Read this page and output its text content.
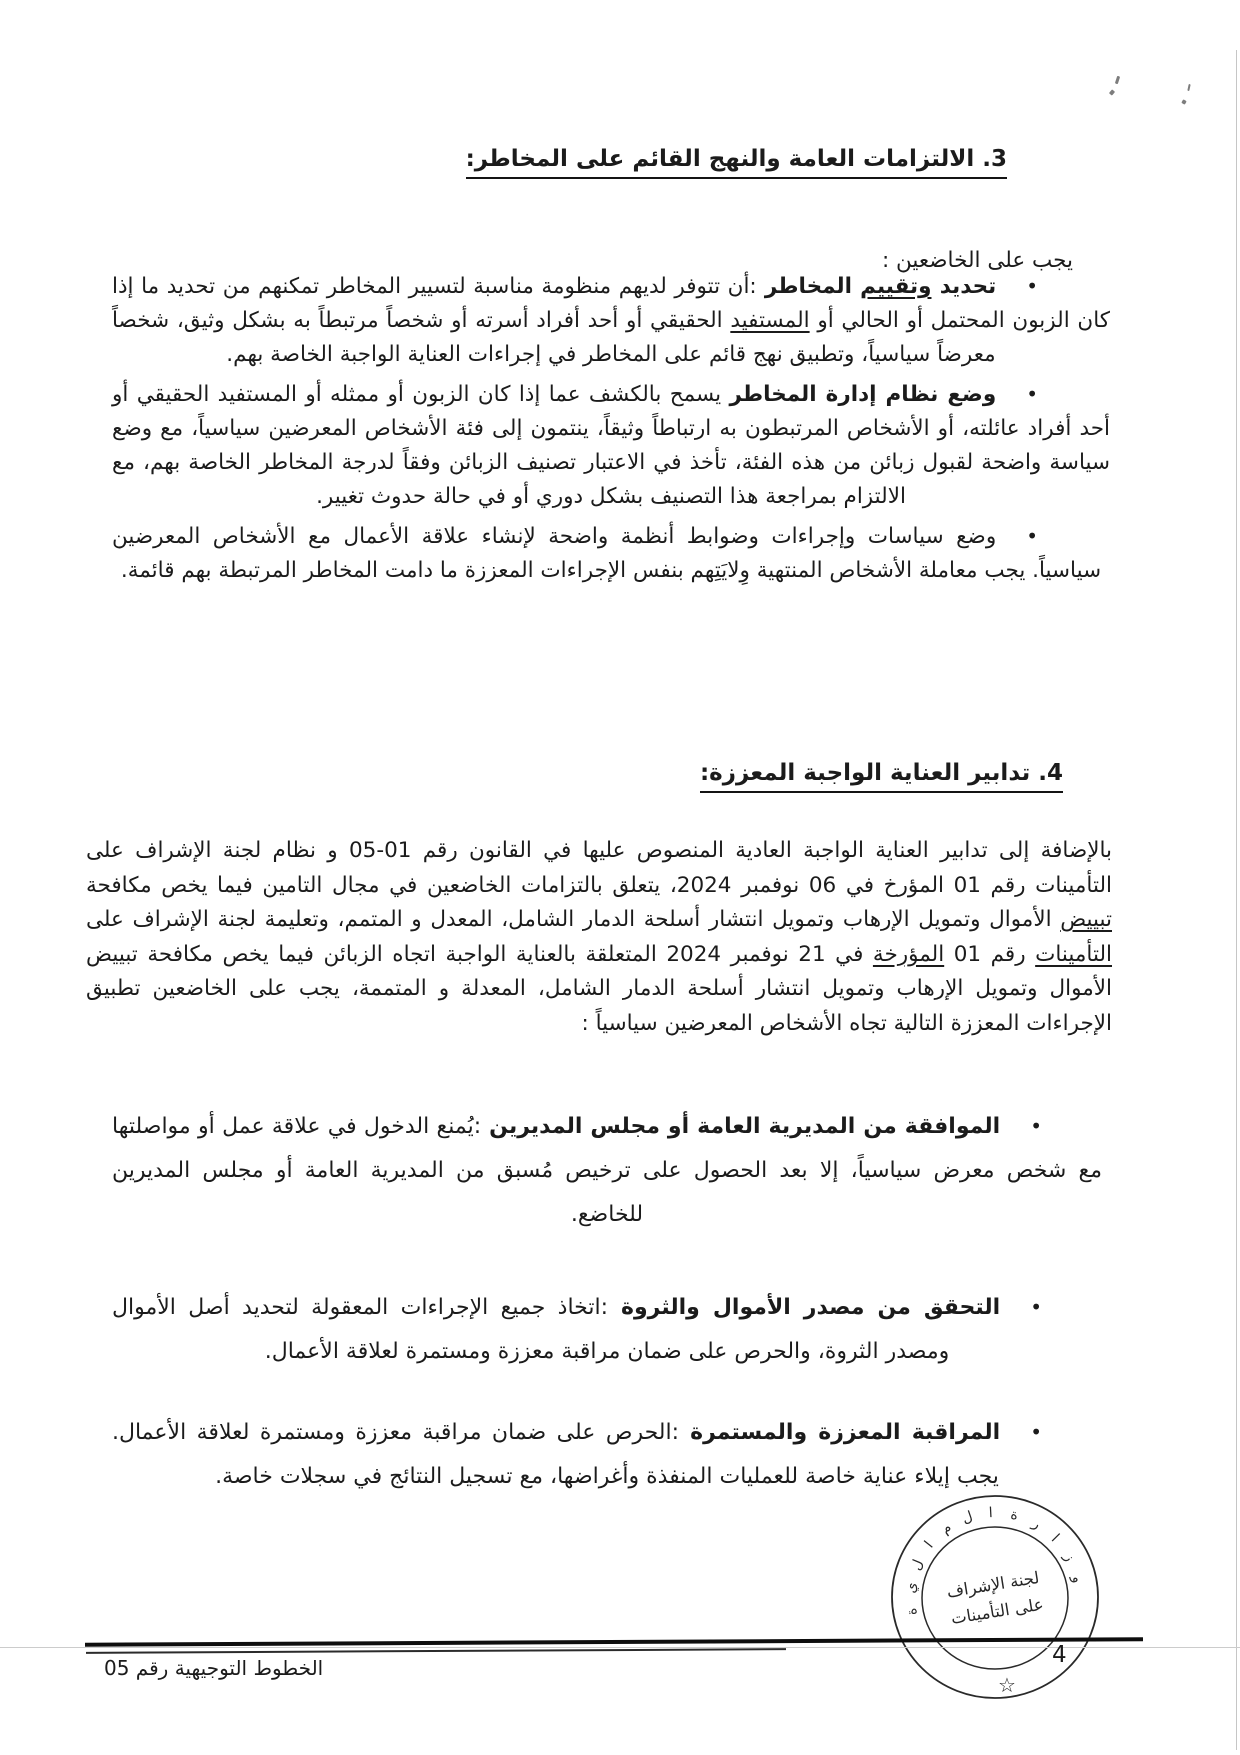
3. الالتزامات العامة والنهج القائم على المخاطر:

يجب على الخاضعين :

• تحديد وتقييم المخاطر :أن تتوفر لديهم منظومة مناسبة لتسيير المخاطر تمكنهم من تحديد ما إذا كان الزبون المحتمل أو الحالي أو المستفيد الحقيقي أو أحد أفراد أسرته أو شخصاً مرتبطاً به بشكل وثيق، شخصاً معرضاً سياسياً، وتطبيق نهج قائم على المخاطر في إجراءات العناية الواجبة الخاصة بهم.

• وضع نظام إدارة المخاطر يسمح بالكشف عما إذا كان الزبون أو ممثله أو المستفيد الحقيقي أو أحد أفراد عائلته، أو الأشخاص المرتبطون به ارتباطاً وثيقاً، ينتمون إلى فئة الأشخاص المعرضين سياسياً، مع وضع سياسة واضحة لقبول زبائن من هذه الفئة، تأخذ في الاعتبار تصنيف الزبائن وفقاً لدرجة المخاطر الخاصة بهم، مع الالتزام بمراجعة هذا التصنيف بشكل دوري أو في حالة حدوث تغيير.

• وضع سياسات وإجراءات وضوابط أنظمة واضحة لإنشاء علاقة الأعمال مع الأشخاص المعرضين سياسياً. يجب معاملة الأشخاص المنتهية وِلايَتِهم بنفس الإجراءات المعززة ما دامت المخاطر المرتبطة بهم قائمة.

4. تدابير العناية الواجبة المعززة:

بالإضافة إلى تدابير العناية الواجبة العادية المنصوص عليها في القانون رقم 01-05 و نظام لجنة الإشراف على التأمينات رقم 01 المؤرخ في 06 نوفمبر 2024، يتعلق بالتزامات الخاضعين في مجال التامين فيما يخص مكافحة تبييض الأموال وتمويل الإرهاب وتمويل انتشار أسلحة الدمار الشامل، المعدل و المتمم، وتعليمة لجنة الإشراف على التأمينات رقم 01 المؤرخة في 21 نوفمبر 2024 المتعلقة بالعناية الواجبة اتجاه الزبائن فيما يخص مكافحة تبييض الأموال وتمويل الإرهاب وتمويل انتشار أسلحة الدمار الشامل، المعدلة و المتممة، يجب على الخاضعين تطبيق الإجراءات المعززة التالية تجاه الأشخاص المعرضين سياسياً :

• الموافقة من المديرية العامة أو مجلس المديرين :يُمنع الدخول في علاقة عمل أو مواصلتها مع شخص معرض سياسياً، إلا بعد الحصول على ترخيص مُسبق من المديرية العامة أو مجلس المديرين للخاضع.

• التحقق من مصدر الأموال والثروة :اتخاذ جميع الإجراءات المعقولة لتحديد أصل الأموال ومصدر الثروة، والحرص على ضمان مراقبة معززة ومستمرة لعلاقة الأعمال.

• المراقبة المعززة والمستمرة :الحرص على ضمان مراقبة معززة ومستمرة لعلاقة الأعمال. يجب إيلاء عناية خاصة للعمليات المنفذة وأغراضها، مع تسجيل النتائج في سجلات خاصة.

و
ز
ا
ر
ة
ا
ل
م
ا
ل
ي
ة
لجنة الإشراف
على التأمينات
☆
الخطوط التوجيهية رقم 05	4
